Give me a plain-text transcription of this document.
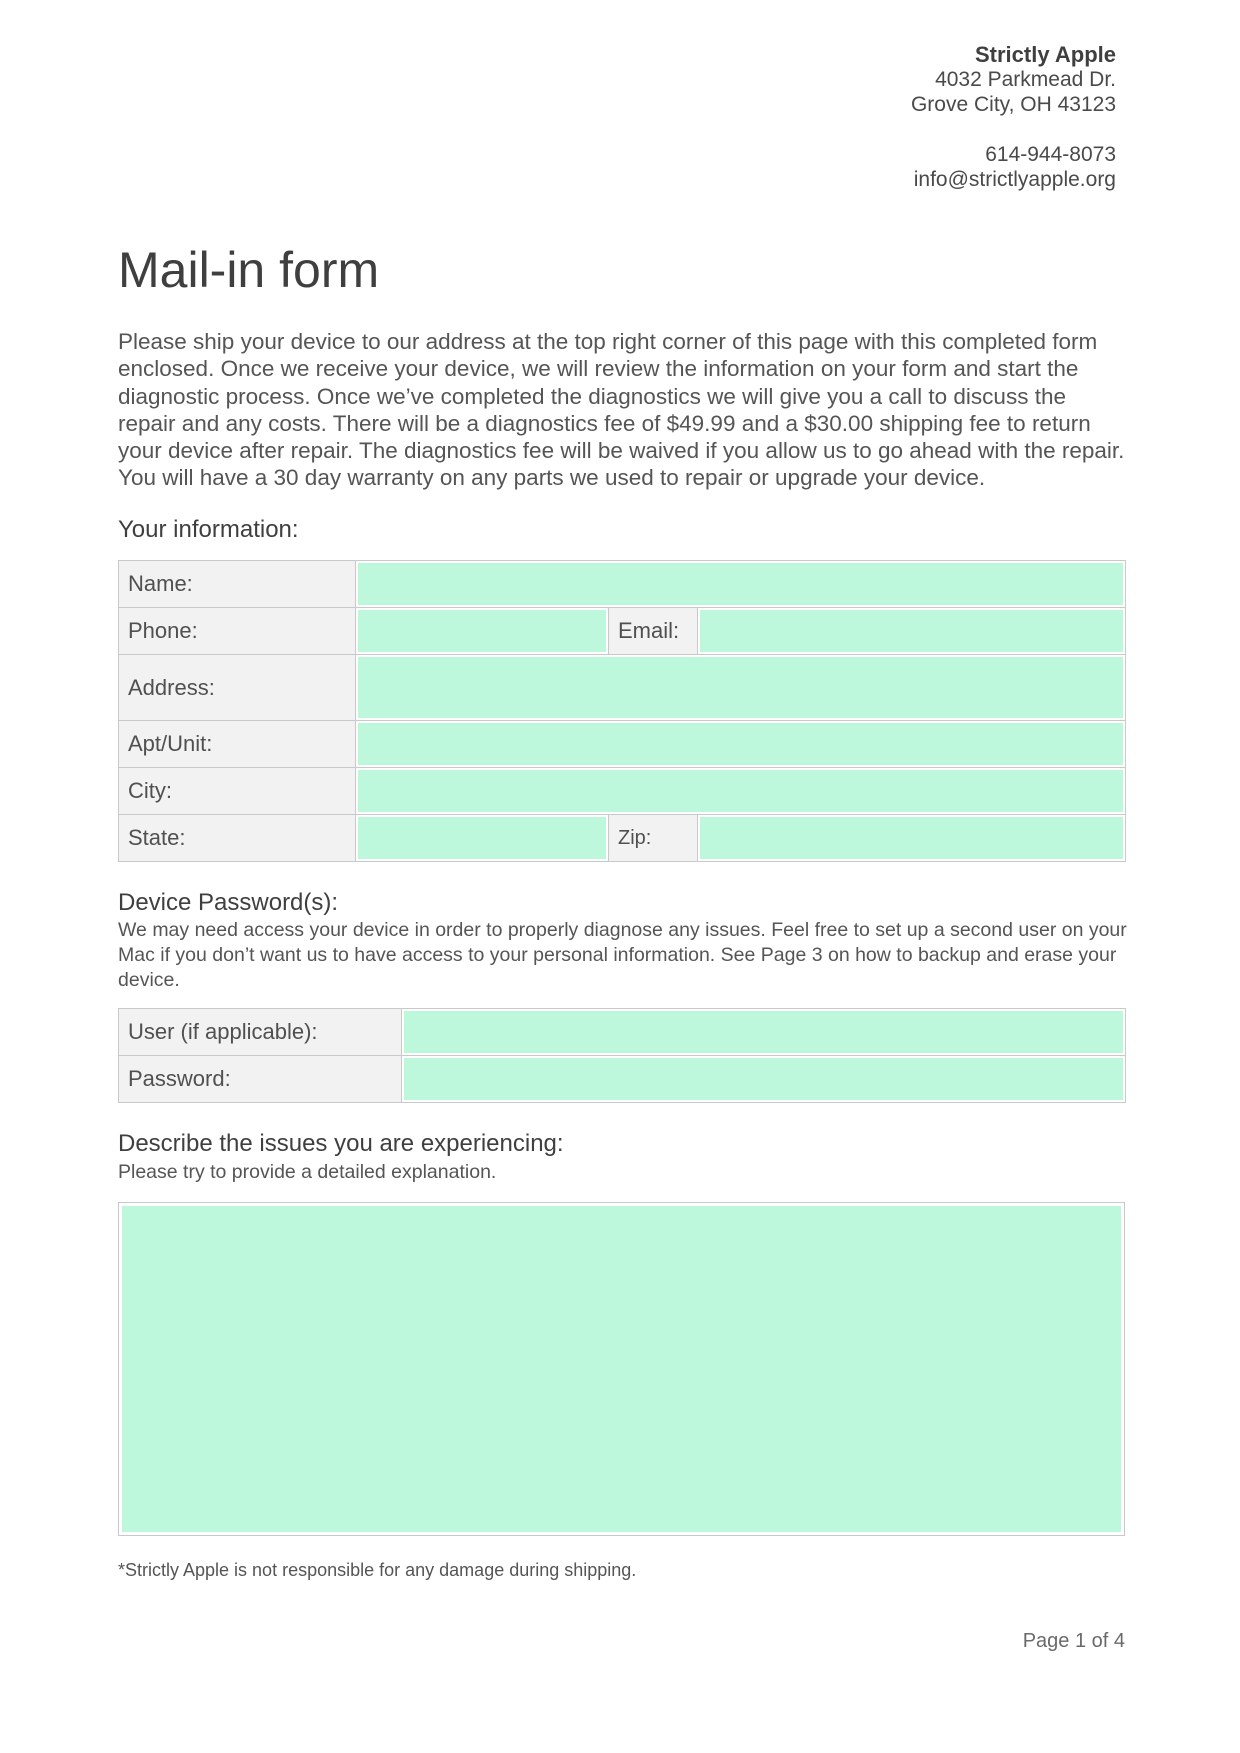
Strictly Apple
4032 Parkmead Dr.
Grove City, OH 43123
614-944-8073
info@strictlyapple.org
Mail-in form

Please ship your device to our address at the top right corner of this page with this completed form enclosed. Once we receive your device, we will review the information on your form and start the diagnostic process. Once we’ve completed the diagnostics we will give you a call to discuss the repair and any costs. There will be a diagnostics fee of $49.99 and a $30.00 shipping fee to return your device after repair. The diagnostics fee will be waived if you allow us to go ahead with the repair. You will have a 30 day warranty on any parts we used to repair or upgrade your device.

Your information:
Name:	
Phone:		Email:	
Address:	
Apt/Unit:	
City:	
State:		Zip:	
Device Password(s):

We may need access your device in order to properly diagnose any issues. Feel free to set up a second user on your Mac if you don’t want us to have access to your personal information. See Page 3 on how to backup and erase your device.

User (if applicable):	
Password:	
Describe the issues you are experiencing:

Please try to provide a detailed explanation.

*Strictly Apple is not responsible for any damage during shipping.

Page 1 of 4
